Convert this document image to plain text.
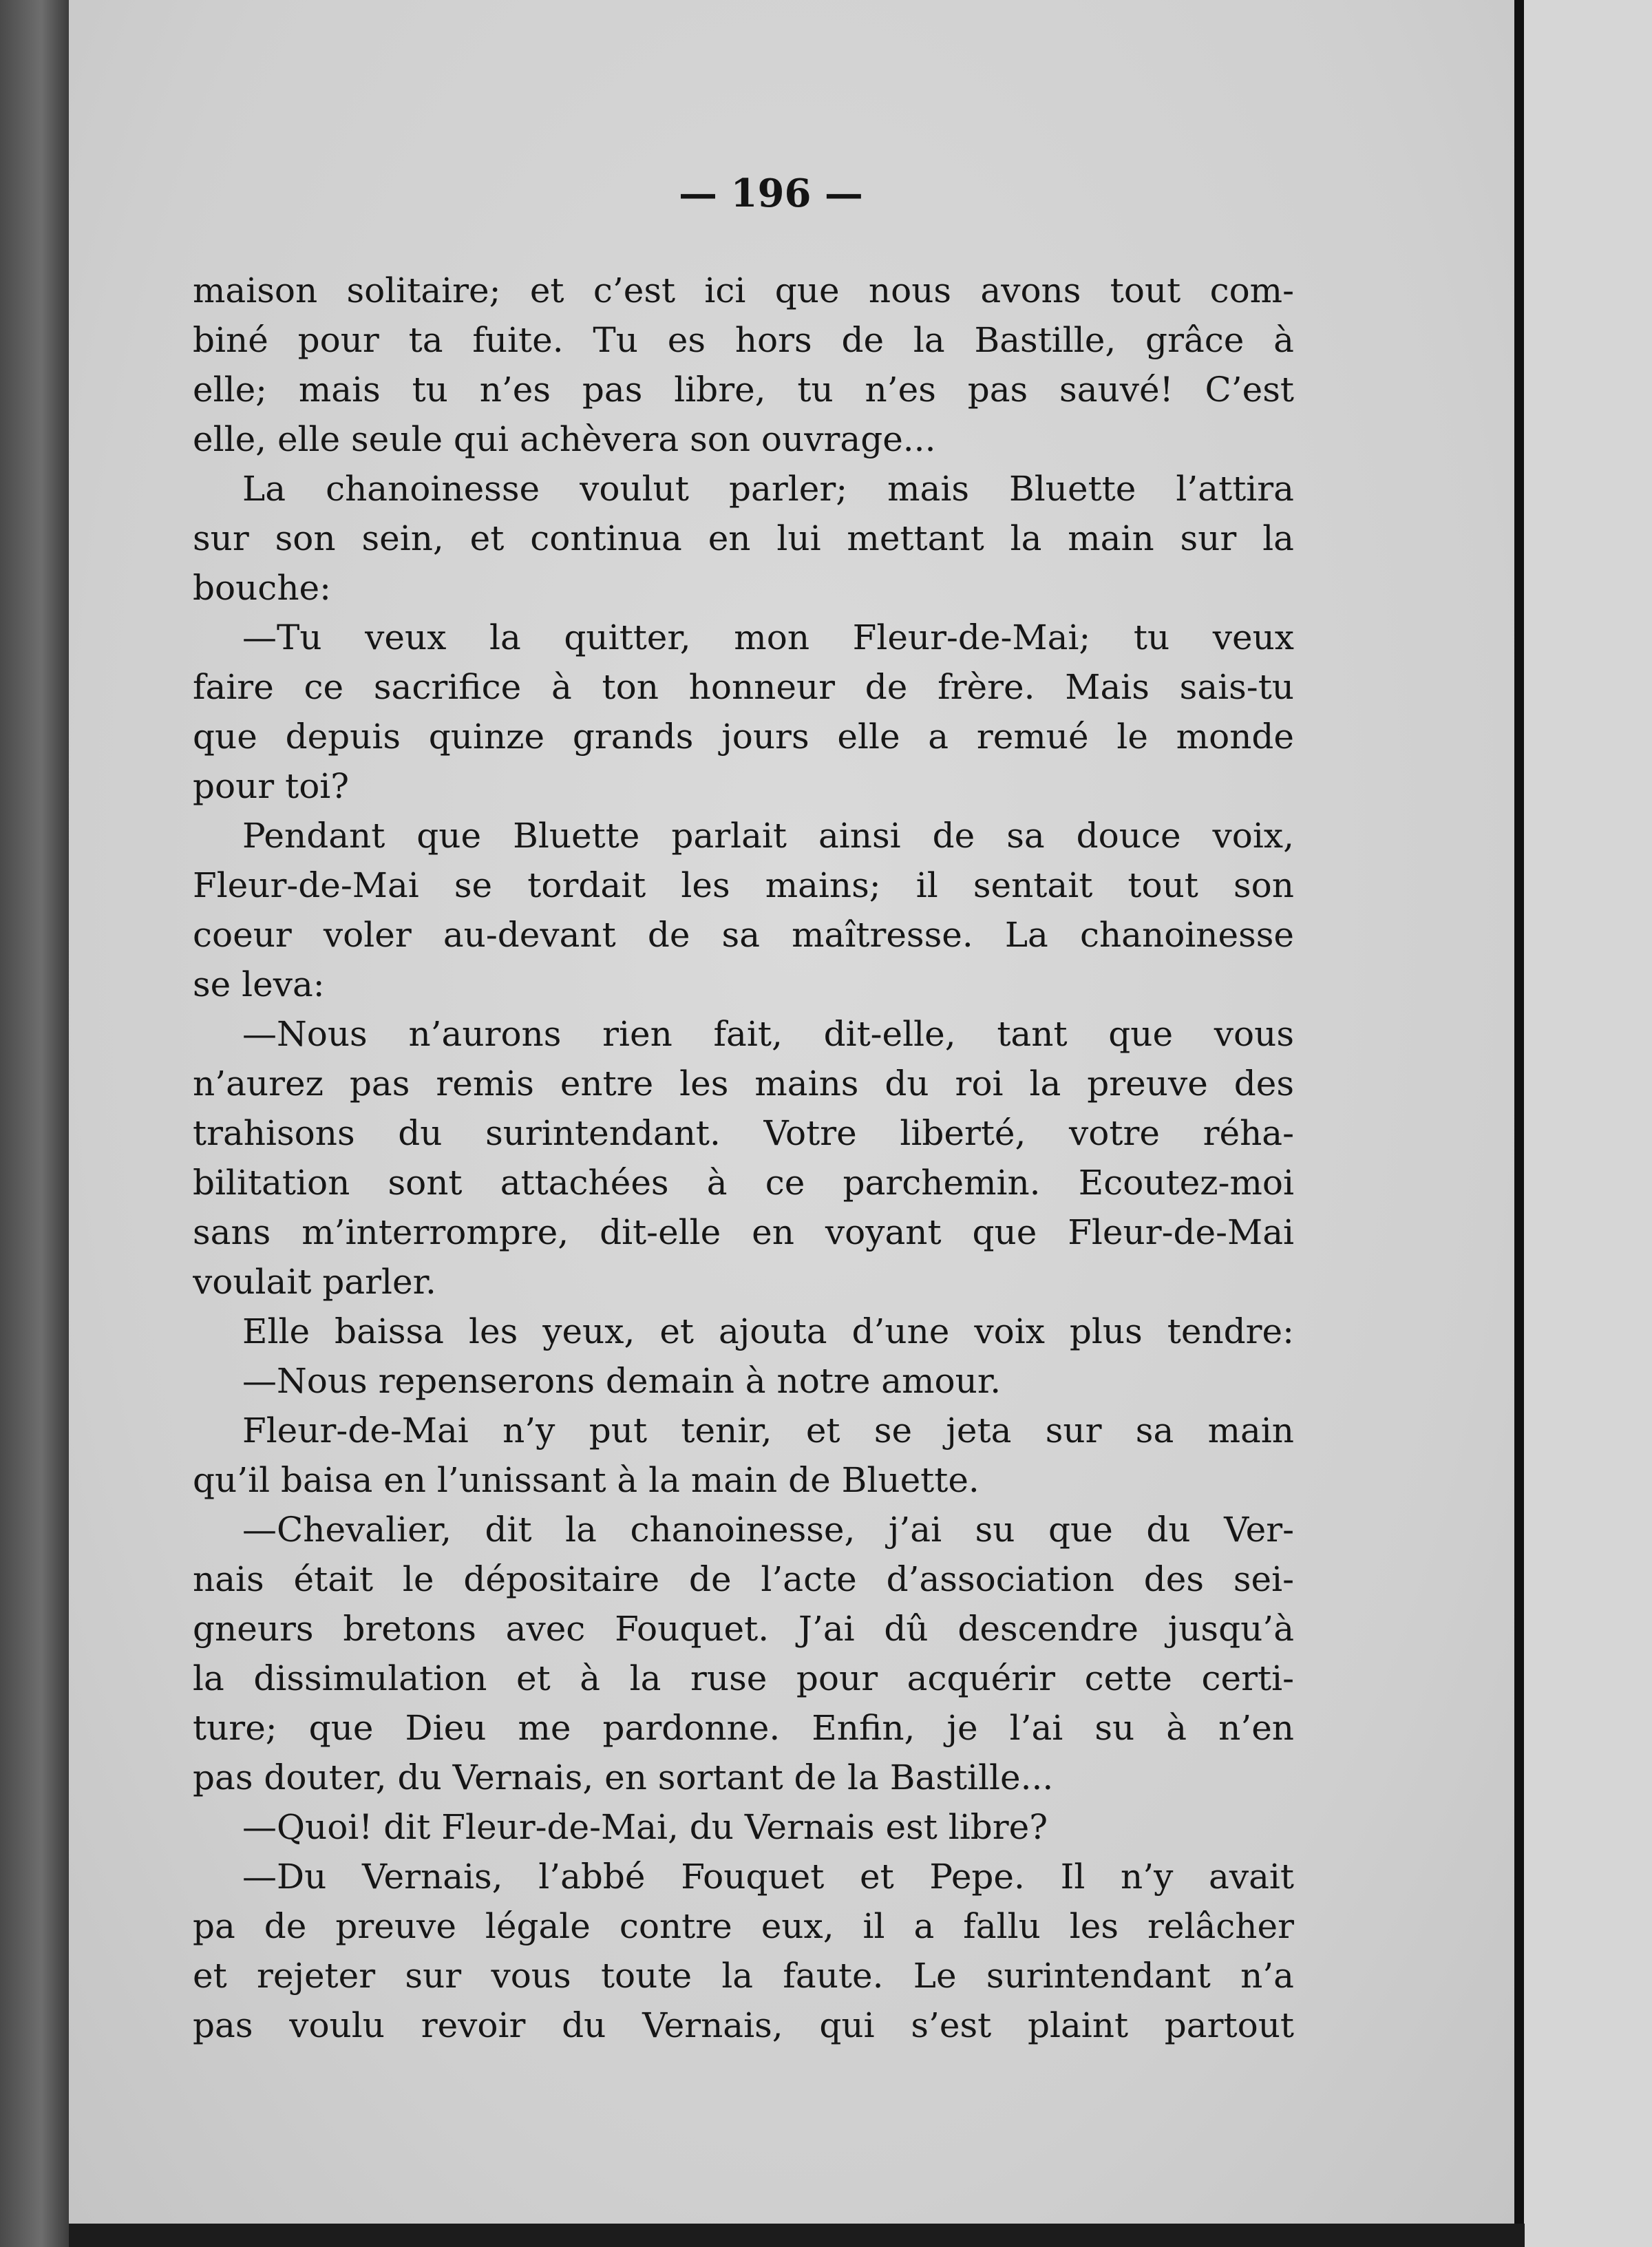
— 196 —
maison solitaire; et c’est ici que nous avons tout com-
biné pour ta fuite. Tu es hors de la Bastille, grâce à
elle; mais tu n’es pas libre, tu n’es pas sauvé! C’est
elle, elle seule qui achèvera son ouvrage...
La chanoinesse voulut parler; mais Bluette l’attira
sur son sein, et continua en lui mettant la main sur la
bouche:
—Tu veux la quitter, mon Fleur-de-Mai; tu veux
faire ce sacrifice à ton honneur de frère. Mais sais-tu
que depuis quinze grands jours elle a remué le monde
pour toi?
Pendant que Bluette parlait ainsi de sa douce voix,
Fleur-de-Mai se tordait les mains; il sentait tout son
coeur voler au-devant de sa maîtresse. La chanoinesse
se leva:
—Nous n’aurons rien fait, dit-elle, tant que vous
n’aurez pas remis entre les mains du roi la preuve des
trahisons du surintendant. Votre liberté, votre réha-
bilitation sont attachées à ce parchemin. Ecoutez-moi
sans m’interrompre, dit-elle en voyant que Fleur-de-Mai
voulait parler.
Elle baissa les yeux, et ajouta d’une voix plus tendre:
—Nous repenserons demain à notre amour.
Fleur-de-Mai n’y put tenir, et se jeta sur sa main
qu’il baisa en l’unissant à la main de Bluette.
—Chevalier, dit la chanoinesse, j’ai su que du Ver-
nais était le dépositaire de l’acte d’association des sei-
gneurs bretons avec Fouquet. J’ai dû descendre jusqu’à
la dissimulation et à la ruse pour acquérir cette certi-
ture; que Dieu me pardonne. Enfin, je l’ai su à n’en
pas douter, du Vernais, en sortant de la Bastille...
—Quoi! dit Fleur-de-Mai, du Vernais est libre?
—Du Vernais, l’abbé Fouquet et Pepe. Il n’y avait
pa de preuve légale contre eux, il a fallu les relâcher
et rejeter sur vous toute la faute. Le surintendant n’a
pas voulu revoir du Vernais, qui s’est plaint partout
